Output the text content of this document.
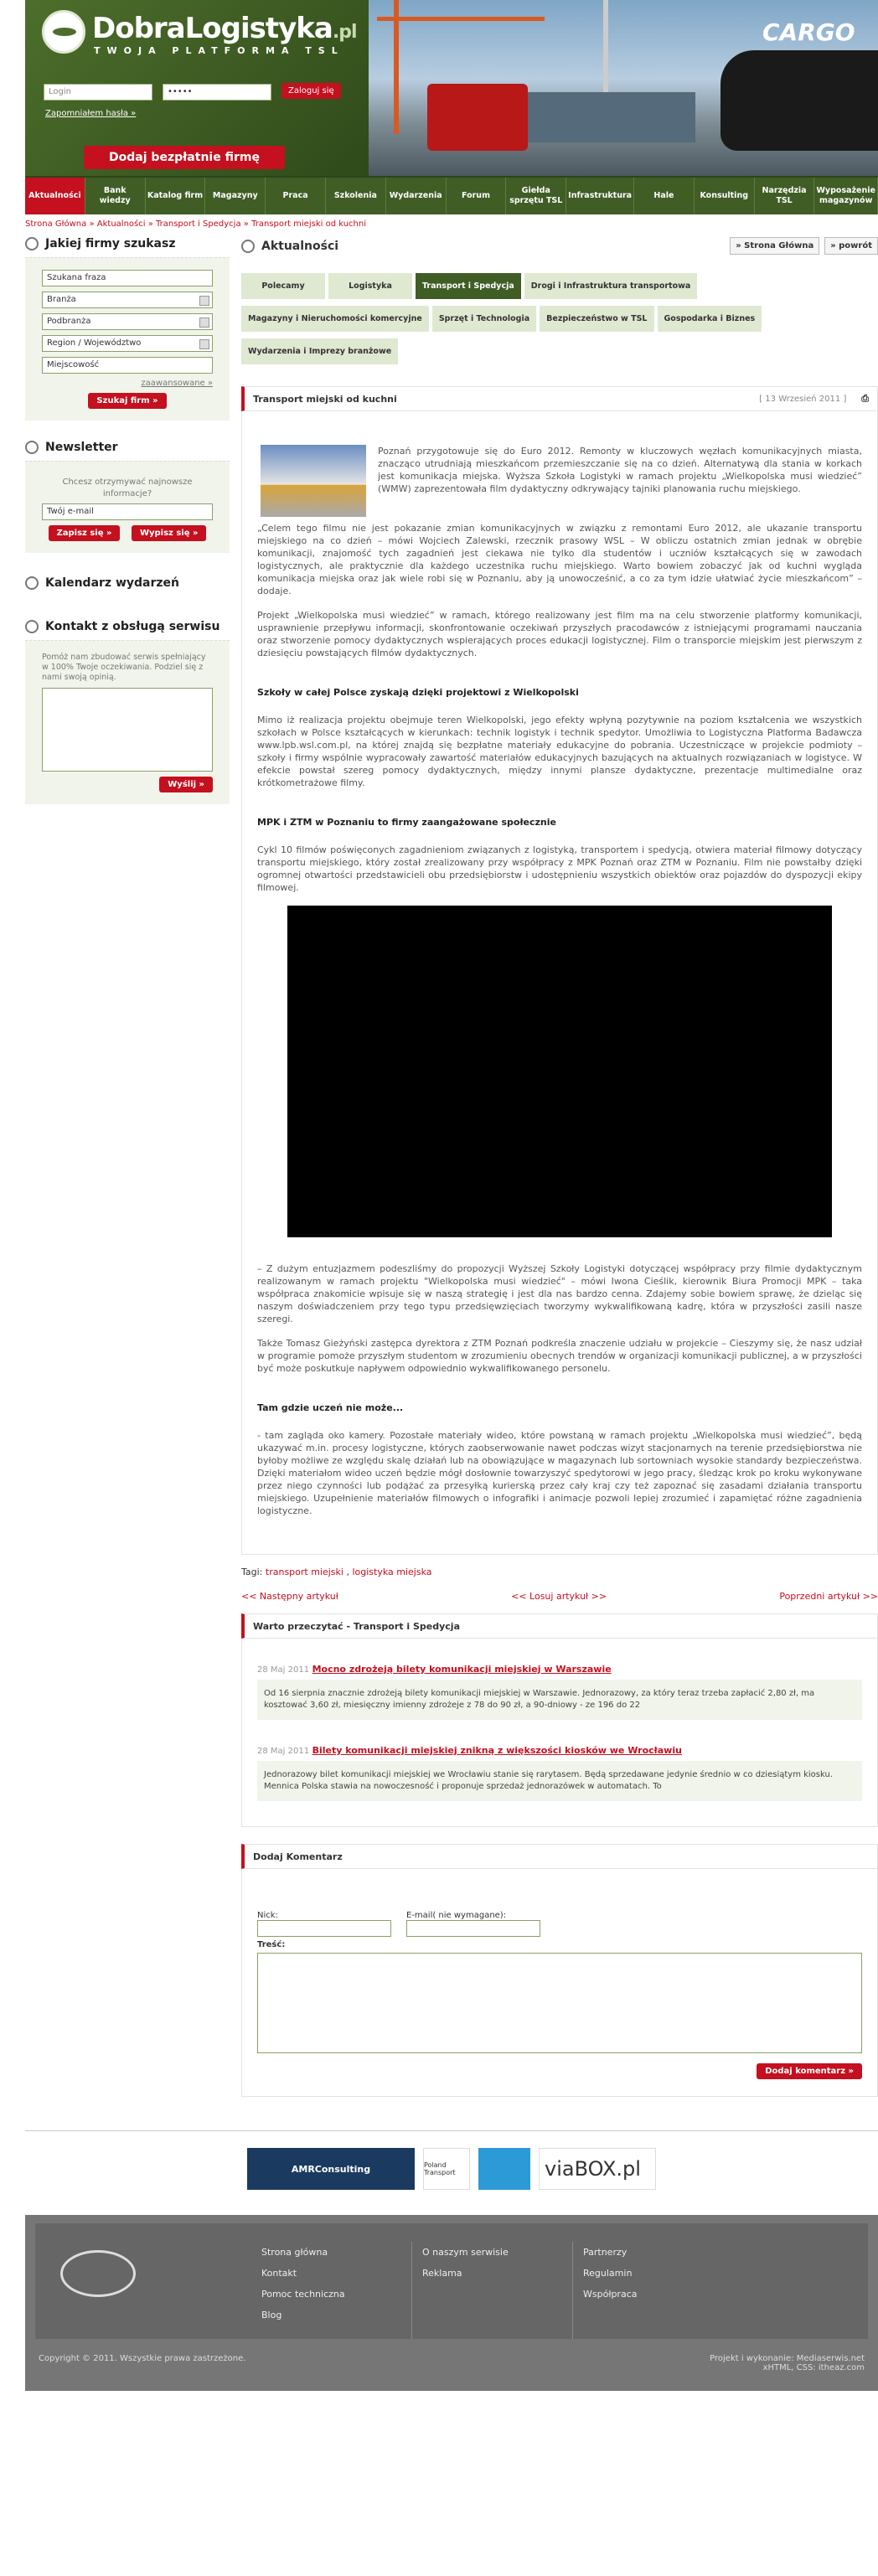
DobraLogistyka.pl
TWOJA PLATFORMA TSL
Login	•••••	Zaloguj się
Zapomniałem hasła »
Dodaj bezpłatnie firmę
CARGO
Aktualności
Bank wiedzy
Katalog firm	Magazyny	Praca	Szkolenia	Wydarzenia	Forum
Giełda sprzętu TSL
Infrastruktura	Hale	Konsulting
Narzędzia TSL
Wyposażenie magazynów
Strona Główna » Aktualności » Transport i Spedycja » Transport miejski od kuchni
Jakiej firmy szukasz
Szukana fraza
Branża
Podbranża
Region / Województwo
Miejscowość
zaawansowane »
Szukaj firm »
Newsletter
Chcesz otrzymywać najnowsze informacje?
Twój e-mail
Zapisz się »	Wypisz się »
Kalendarz wydarzeń
Kontakt z obsługą serwisu
Pomóż nam zbudować serwis spełniający w 100% Twoje oczekiwania. Podziel się z nami swoją opinią.
Wyślij »
Aktualności	» Strona Główna » powrót
Polecamy	Logistyka	Transport i Spedycja	Drogi i Infrastruktura transportowa
Magazyny i Nieruchomości komercyjne	Sprzęt i Technologia	Bezpieczeństwo w TSL	Gospodarka i Biznes
Wydarzenia i Imprezy branżowe
Transport miejski od kuchni	[ 13 Wrzesień 2011 ] ⎙

Poznań przygotowuje się do Euro 2012. Remonty w kluczowych węzłach komunikacyjnych miasta, znacząco utrudniają mieszkańcom przemieszczanie się na co dzień. Alternatywą dla stania w korkach jest komunikacja miejska. Wyższa Szkoła Logistyki w ramach projektu „Wielkopolska musi wiedzieć” (WMW) zaprezentowała film dydaktyczny odkrywający tajniki planowania ruchu miejskiego.

„Celem tego filmu nie jest pokazanie zmian komunikacyjnych w związku z remontami Euro 2012, ale ukazanie transportu miejskiego na co dzień – mówi Wojciech Zalewski, rzecznik prasowy WSL – W obliczu ostatnich zmian jednak w obrębie komunikacji, znajomość tych zagadnień jest ciekawa nie tylko dla studentów i uczniów kształcących się w zawodach logistycznych, ale praktycznie dla każdego uczestnika ruchu miejskiego. Warto bowiem zobaczyć jak od kuchni wygląda komunikacja miejska oraz jak wiele robi się w Poznaniu, aby ją unowocześnić, a co za tym idzie ułatwiać życie mieszkańcom” – dodaje.

Projekt „Wielkopolska musi wiedzieć” w ramach, którego realizowany jest film ma na celu stworzenie platformy komunikacji, usprawnienie przepływu informacji, skonfrontowanie oczekiwań przyszłych pracodawców z istniejącymi programami nauczania oraz stworzenie pomocy dydaktycznych wspierających proces edukacji logistycznej. Film o transporcie miejskim jest pierwszym z dziesięciu powstających filmów dydaktycznych.

Szkoły w całej Polsce zyskają dzięki projektowi z Wielkopolski

Mimo iż realizacja projektu obejmuje teren Wielkopolski, jego efekty wpłyną pozytywnie na poziom kształcenia we wszystkich szkołach w Polsce kształcących w kierunkach: technik logistyk i technik spedytor. Umożliwia to Logistyczna Platforma Badawcza www.lpb.wsl.com.pl, na której znajdą się bezpłatne materiały edukacyjne do pobrania. Uczestniczące w projekcie podmioty – szkoły i firmy wspólnie wypracowały zawartość materiałów edukacyjnych bazujących na aktualnych rozwiązaniach w logistyce. W efekcie powstał szereg pomocy dydaktycznych, między innymi plansze dydaktyczne, prezentacje multimedialne oraz krótkometrażowe filmy.

MPK i ZTM w Poznaniu to firmy zaangażowane społecznie

Cykl 10 filmów poświęconych zagadnieniom związanych z logistyką, transportem i spedycją, otwiera materiał filmowy dotyczący transportu miejskiego, który został zrealizowany przy współpracy z MPK Poznań oraz ZTM w Poznaniu. Film nie powstałby dzięki ogromnej otwartości przedstawicieli obu przedsiębiorstw i udostępnieniu wszystkich obiektów oraz pojazdów do dyspozycji ekipy filmowej.

– Z dużym entuzjazmem podeszliśmy do propozycji Wyższej Szkoły Logistyki dotyczącej współpracy przy filmie dydaktycznym realizowanym w ramach projektu "Wielkopolska musi wiedzieć" – mówi Iwona Cieślik, kierownik Biura Promocji MPK – taka współpraca znakomicie wpisuje się w naszą strategię i jest dla nas bardzo cenna. Zdajemy sobie bowiem sprawę, że dzieląc się naszym doświadczeniem przy tego typu przedsięwzięciach tworzymy wykwalifikowaną kadrę, która w przyszłości zasili nasze szeregi.

Także Tomasz Gieżyński zastępca dyrektora z ZTM Poznań podkreśla znaczenie udziału w projekcie – Cieszymy się, że nasz udział w programie pomoże przyszłym studentom w zrozumieniu obecnych trendów w organizacji komunikacji publicznej, a w przyszłości być może poskutkuje napływem odpowiednio wykwalifikowanego personelu.

Tam gdzie uczeń nie może...

- tam zagląda oko kamery. Pozostałe materiały wideo, które powstaną w ramach projektu „Wielkopolska musi wiedzieć”, będą ukazywać m.in. procesy logistyczne, których zaobserwowanie nawet podczas wizyt stacjonarnych na terenie przedsiębiorstwa nie byłoby możliwe ze względu skalę działań lub na obowiązujące w magazynach lub sortowniach wysokie standardy bezpieczeństwa. Dzięki materiałom wideo uczeń będzie mógł dosłownie towarzyszyć spedytorowi w jego pracy, śledząc krok po kroku wykonywane przez niego czynności lub podążać za przesyłką kurierską przez cały kraj czy też zapoznać się zasadami działania transportu miejskiego. Uzupełnienie materiałów filmowych o infografiki i animacje pozwoli lepiej zrozumieć i zapamiętać różne zagadnienia logistyczne.

Tagi: transport miejski , logistyka miejska
<< Następny artykuł	<< Losuj artykuł >>	Poprzedni artykuł >>
Warto przeczytać - Transport i Spedycja
28 Maj 2011 Mocno zdrożeją bilety komunikacji miejskiej w Warszawie
Od 16 sierpnia znacznie zdrożeją bilety komunikacji miejskiej w Warszawie. Jednorazowy, za który teraz trzeba zapłacić 2,80 zł, ma kosztować 3,60 zł, miesięczny imienny zdrożeje z 78 do 90 zł, a 90-dniowy - ze 196 do 22
28 Maj 2011 Bilety komunikacji miejskiej znikną z większości kiosków we Wrocławiu
Jednorazowy bilet komunikacji miejskiej we Wrocławiu stanie się rarytasem. Będą sprzedawane jedynie średnio w co dziesiątym kiosku. Mennica Polska stawia na nowoczesność i proponuje sprzedaż jednorazówek w automatach. To
Dodaj Komentarz
Nick:	E-mail( nie wymagane):
Treść:
Dodaj komentarz »
AMRConsulting	Poland Transport	viaBOX.pl
Strona główna
Kontakt
Pomoc techniczna
Blog
O naszym serwisie
Reklama
Partnerzy
Regulamin
Współpraca
Copyright © 2011. Wszystkie prawa zastrzeżone.	Projekt i wykonanie: Mediaserwis.net
xHTML, CSS: itheaz.com
